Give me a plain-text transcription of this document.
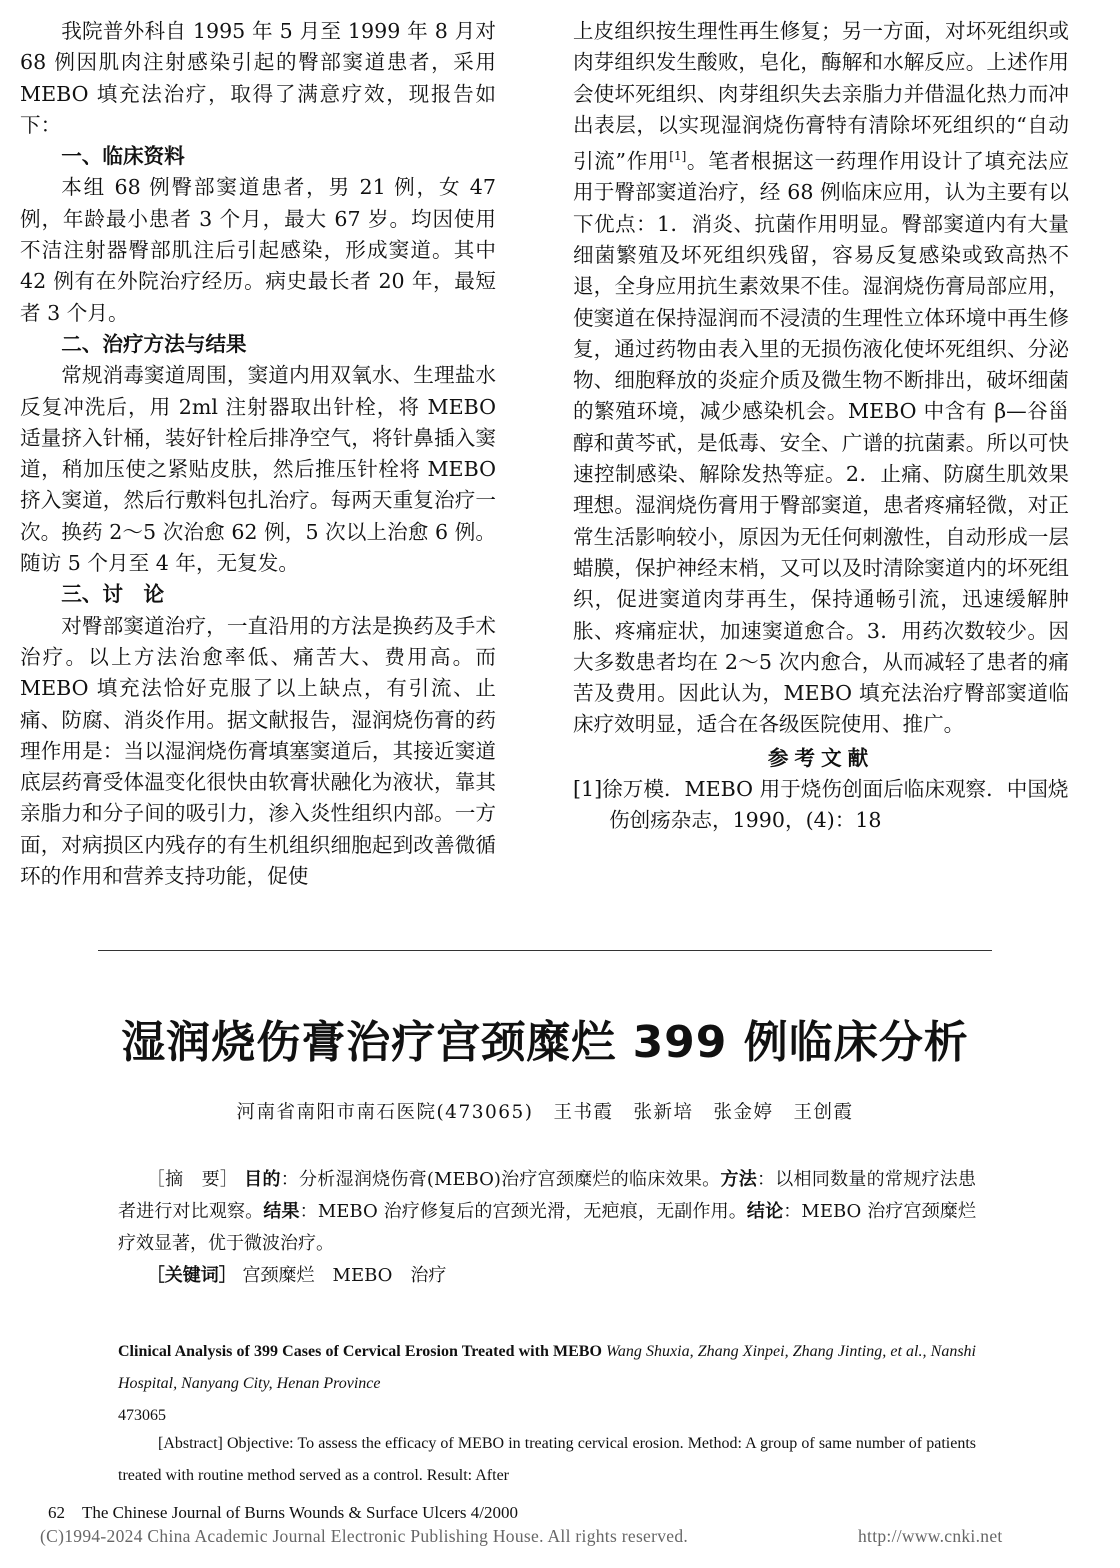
我院普外科自 1995 年 5 月至 1999 年 8 月对 68 例因肌肉注射感染引起的臀部窦道患者，采用 MEBO 填充法治疗，取得了满意疗效，现报告如下：

一、临床资料

本组 68 例臀部窦道患者，男 21 例，女 47 例，年龄最小患者 3 个月，最大 67 岁。均因使用不洁注射器臀部肌注后引起感染，形成窦道。其中 42 例有在外院治疗经历。病史最长者 20 年，最短者 3 个月。

二、治疗方法与结果

常规消毒窦道周围，窦道内用双氧水、生理盐水反复冲洗后，用 2ml 注射器取出针栓，将 MEBO 适量挤入针桶，装好针栓后排净空气，将针鼻插入窦道，稍加压使之紧贴皮肤，然后推压针栓将 MEBO 挤入窦道，然后行敷料包扎治疗。每两天重复治疗一次。换药 2～5 次治愈 62 例，5 次以上治愈 6 例。随访 5 个月至 4 年，无复发。

三、讨　论

对臀部窦道治疗，一直沿用的方法是换药及手术治疗。以上方法治愈率低、痛苦大、费用高。而 MEBO 填充法恰好克服了以上缺点，有引流、止痛、防腐、消炎作用。据文献报告，湿润烧伤膏的药理作用是：当以湿润烧伤膏填塞窦道后，其接近窦道底层药膏受体温变化很快由软膏状融化为液状，靠其亲脂力和分子间的吸引力，渗入炎性组织内部。一方面，对病损区内残存的有生机组织细胞起到改善微循环的作用和营养支持功能，促使

上皮组织按生理性再生修复；另一方面，对坏死组织或肉芽组织发生酸败，皂化，酶解和水解反应。上述作用会使坏死组织、肉芽组织失去亲脂力并借温化热力而冲出表层，以实现湿润烧伤膏特有清除坏死组织的“自动引流”作用[1]。笔者根据这一药理作用设计了填充法应用于臀部窦道治疗，经 68 例临床应用，认为主要有以下优点：1．消炎、抗菌作用明显。臀部窦道内有大量细菌繁殖及坏死组织残留，容易反复感染或致高热不退，全身应用抗生素效果不佳。湿润烧伤膏局部应用，使窦道在保持湿润而不浸渍的生理性立体环境中再生修复，通过药物由表入里的无损伤液化使坏死组织、分泌物、细胞释放的炎症介质及微生物不断排出，破坏细菌的繁殖环境，减少感染机会。MEBO 中含有 β—谷甾醇和黄芩甙，是低毒、安全、广谱的抗菌素。所以可快速控制感染、解除发热等症。2．止痛、防腐生肌效果理想。湿润烧伤膏用于臀部窦道，患者疼痛轻微，对正常生活影响较小，原因为无任何刺激性，自动形成一层蜡膜，保护神经末梢，又可以及时清除窦道内的坏死组织，促进窦道肉芽再生，保持通畅引流，迅速缓解肿胀、疼痛症状，加速窦道愈合。3．用药次数较少。因大多数患者均在 2～5 次内愈合，从而减轻了患者的痛苦及费用。因此认为，MEBO 填充法治疗臀部窦道临床疗效明显，适合在各级医院使用、推广。

参考文献
[1]徐万模．MEBO 用于烧伤创面后临床观察．中国烧伤创疡杂志，1990，(4)：18
湿润烧伤膏治疗宫颈糜烂 399 例临床分析
河南省南阳市南石医院(473065)　王书霞　张新培　张金婷　王创霞

［摘　要］ 目的：分析湿润烧伤膏(MEBO)治疗宫颈糜烂的临床效果。方法：以相同数量的常规疗法患者进行对比观察。结果：MEBO 治疗修复后的宫颈光滑，无疤痕，无副作用。结论：MEBO 治疗宫颈糜烂疗效显著，优于微波治疗。

［关键词］ 宫颈糜烂　MEBO　治疗

Clinical Analysis of 399 Cases of Cervical Erosion Treated with MEBO Wang Shuxia, Zhang Xinpei, Zhang Jinting, et al., Nanshi Hospital, Nanyang City, Henan Province
473065
[Abstract] Objective: To assess the efficacy of MEBO in treating cervical erosion. Method: A group of same number of patients treated with routine method served as a control. Result: After
62　The Chinese Journal of Burns Wounds & Surface Ulcers 4/2000
(C)1994-2024 China Academic Journal Electronic Publishing House. All rights reserved.	http://www.cnki.net
